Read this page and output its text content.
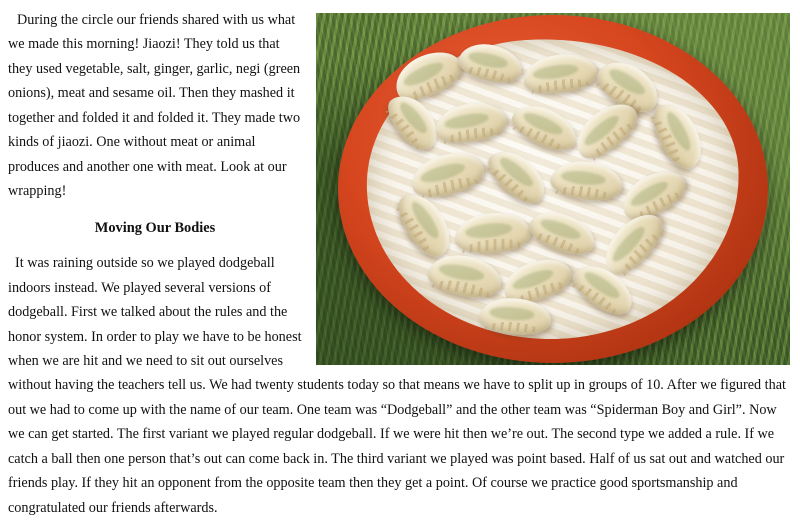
During the circle our friends shared with us what we made this morning! Jiaozi! They told us that they used vegetable, salt, ginger, garlic, negi (green onions), meat and sesame oil. Then they mashed it together and folded it and folded it. They made two kinds of jiaozi. One without meat or animal produces and another one with meat. Look at our wrapping!

Moving Our Bodies

It was raining outside so we played dodgeball indoors instead. We played several versions of dodgeball. First we talked about the rules and the honor system. In order to play we have to be honest when we are hit and we need to sit out ourselves without having the teachers tell us. We had twenty students today so that means we have to split up in groups of 10. After we figured that out we had to come up with the name of our team. One team was “Dodgeball” and the other team was “Spiderman Boy and Girl”. Now we can get started. The first variant we played regular dodgeball. If we were hit then we’re out. The second type we added a rule. If we catch a ball then one person that’s out can come back in. The third variant we played was point based. Half of us sat out and watched our friends play. If they hit an opponent from the opposite team then they get a point. Of course we practice good sportsmanship and congratulated our friends afterwards.
